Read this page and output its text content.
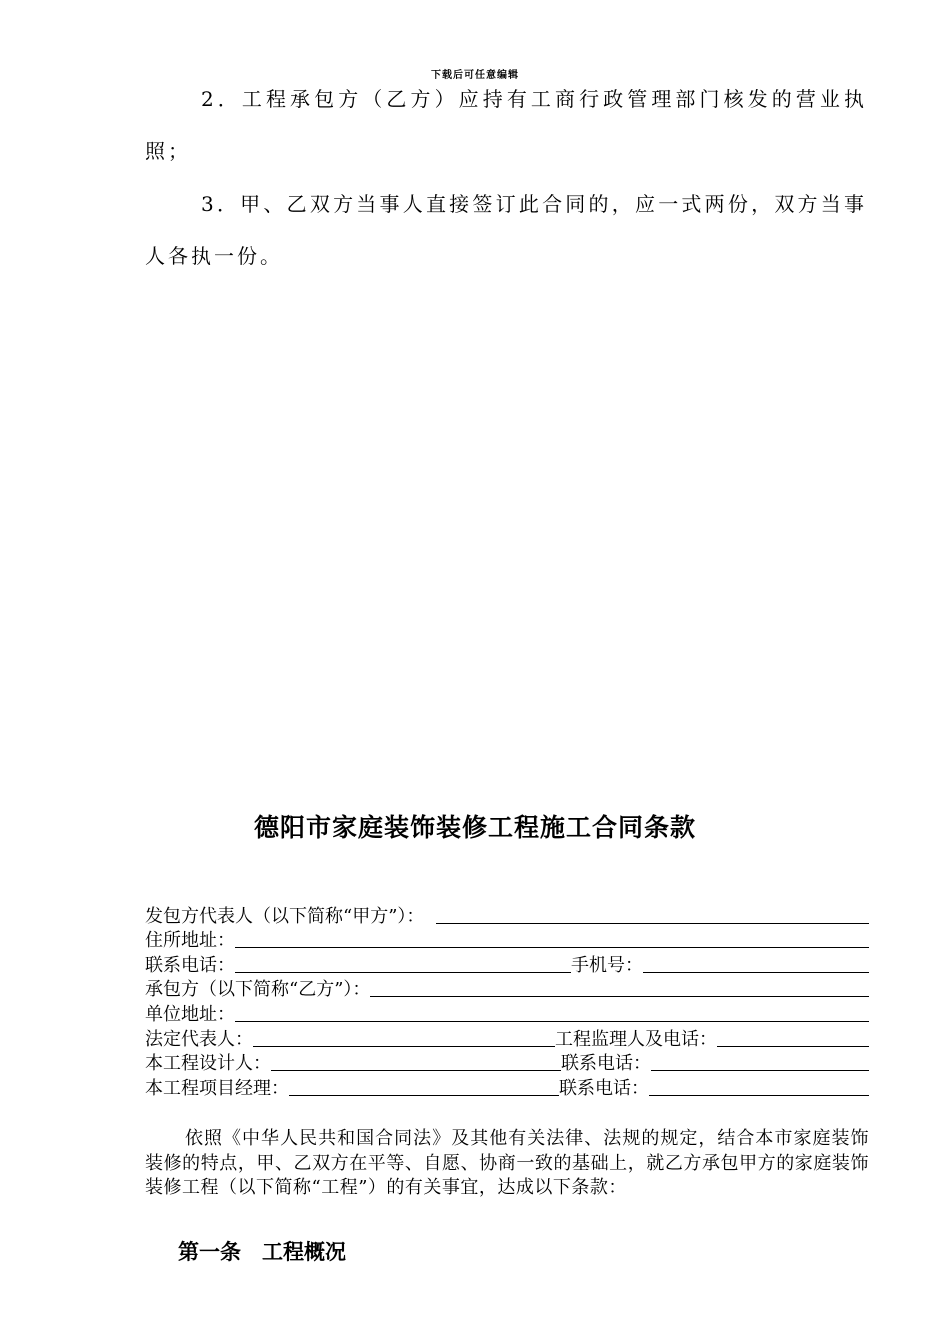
下载后可任意编辑
2．工程承包方（乙方）应持有工商行政管理部门核发的营业执照；
3．甲、乙双方当事人直接签订此合同的，应一式两份，双方当事人各执一份。
德阳市家庭装饰装修工程施工合同条款
发包方代表人（以下简称“甲方”）：
住所地址：
联系电话：	手机号：
承包方（以下简称“乙方”）：
单位地址：
法定代表人：	工程监理人及电话：
本工程设计人：	联系电话：
本工程项目经理：	联系电话：
依照《中华人民共和国合同法》及其他有关法律、法规的规定，结合本市家庭装饰装修的特点，甲、乙双方在平等、自愿、协商一致的基础上，就乙方承包甲方的家庭装饰装修工程（以下简称“工程”）的有关事宜，达成以下条款：
第一条　工程概况
